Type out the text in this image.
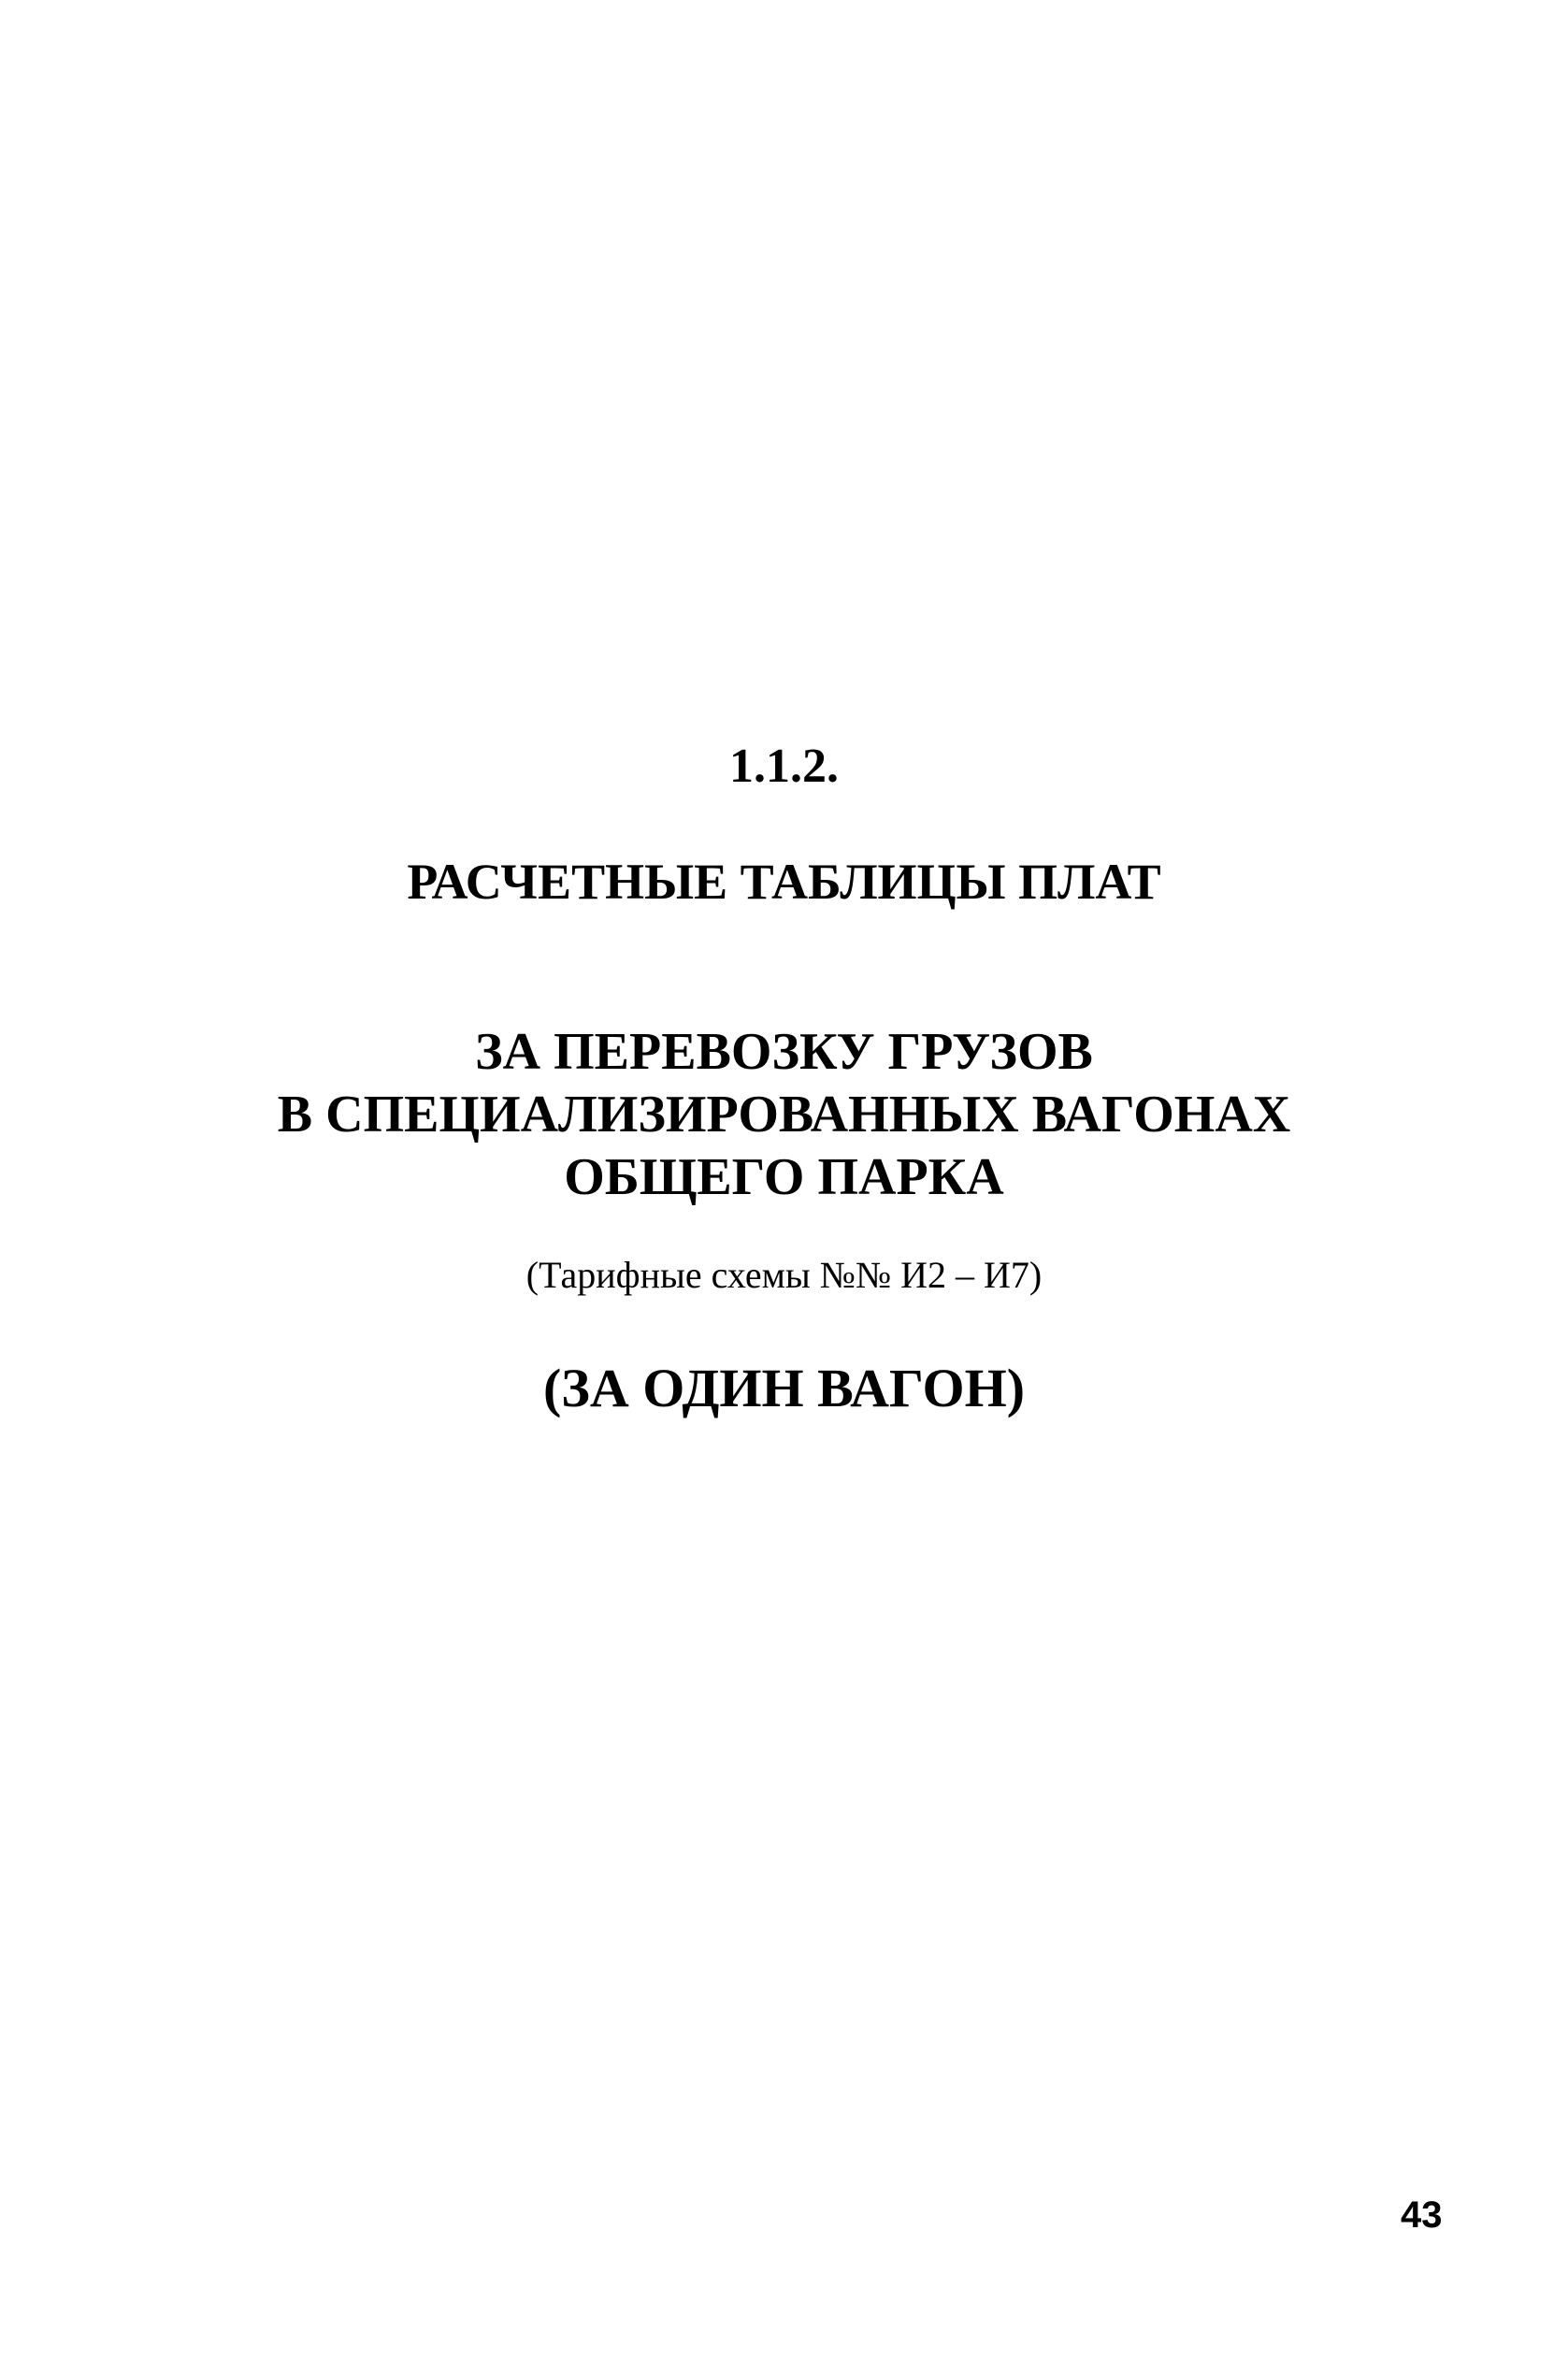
1.1.2.
РАСЧЕТНЫЕ ТАБЛИЦЫ ПЛАТ
ЗА ПЕРЕВОЗКУ ГРУЗОВ
В СПЕЦИАЛИЗИРОВАННЫХ ВАГОНАХ
ОБЩЕГО ПАРКА
(Тарифные схемы №№ И2 – И7)
(ЗА ОДИН ВАГОН)
43
